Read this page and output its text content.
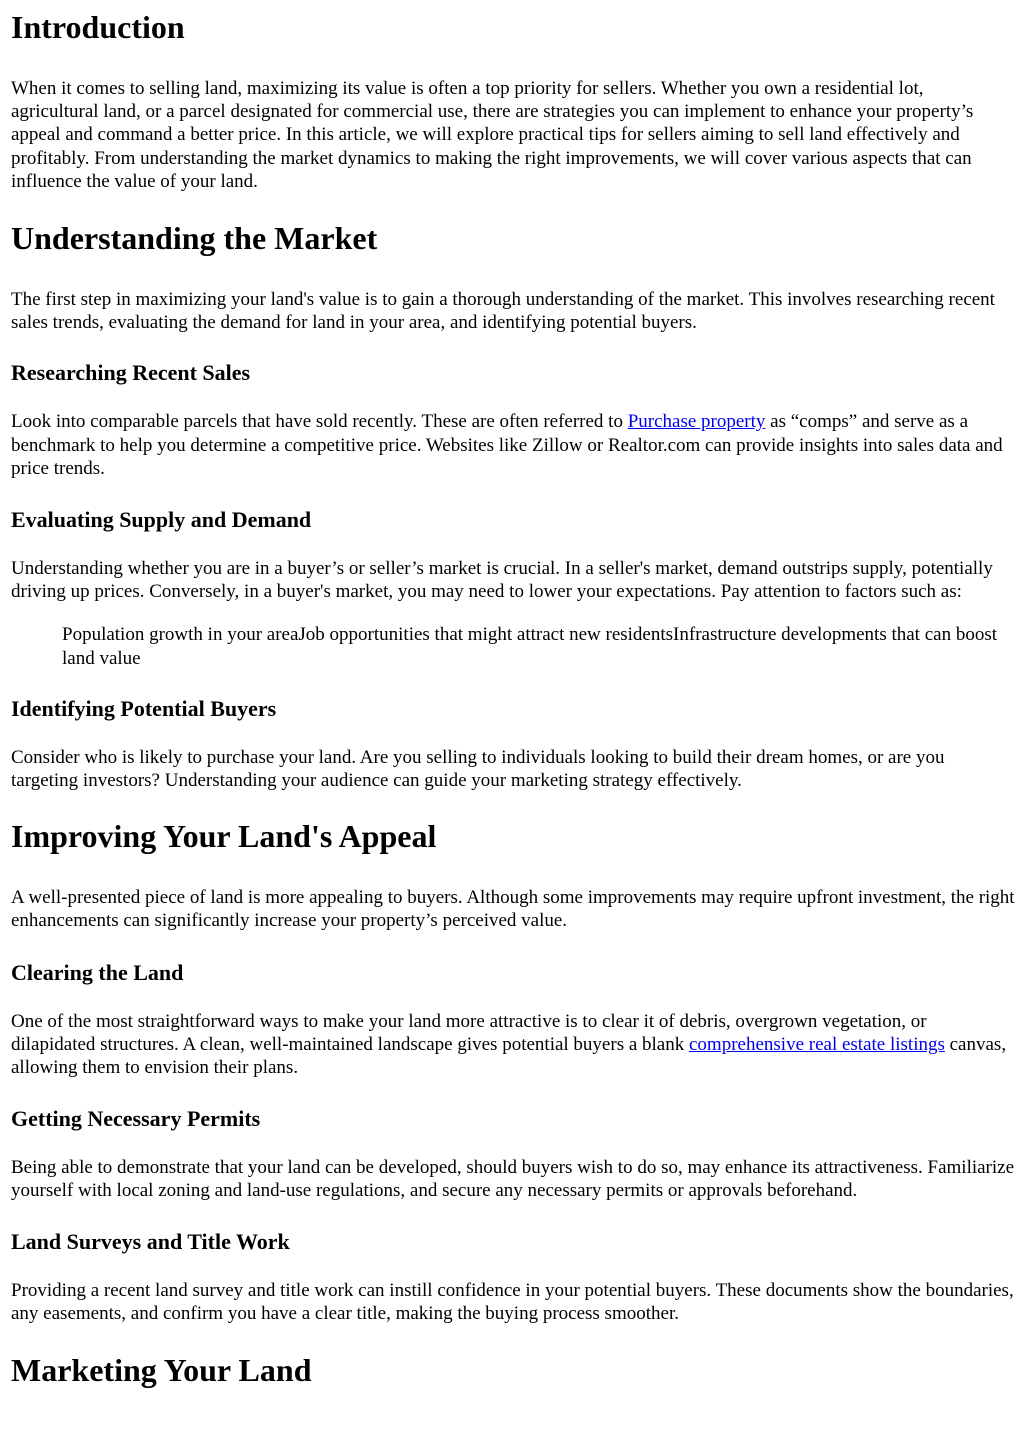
Introduction

When it comes to selling land, maximizing its value is often a top priority for sellers. Whether you own a residential lot, agricultural land, or a parcel designated for commercial use, there are strategies you can implement to enhance your property’s appeal and command a better price. In this article, we will explore practical tips for sellers aiming to sell land effectively and profitably. From understanding the market dynamics to making the right improvements, we will cover various aspects that can influence the value of your land.

Understanding the Market

The first step in maximizing your land's value is to gain a thorough understanding of the market. This involves researching recent sales trends, evaluating the demand for land in your area, and identifying potential buyers.

Researching Recent Sales

Look into comparable parcels that have sold recently. These are often referred to Purchase property as “comps” and serve as a benchmark to help you determine a competitive price. Websites like Zillow or Realtor.com can provide insights into sales data and price trends.

Evaluating Supply and Demand

Understanding whether you are in a buyer’s or seller’s market is crucial. In a seller's market, demand outstrips supply, potentially driving up prices. Conversely, in a buyer's market, you may need to lower your expectations. Pay attention to factors such as:

Population growth in your areaJob opportunities that might attract new residentsInfrastructure developments that can boost land value

Identifying Potential Buyers

Consider who is likely to purchase your land. Are you selling to individuals looking to build their dream homes, or are you targeting investors? Understanding your audience can guide your marketing strategy effectively.

Improving Your Land's Appeal

A well-presented piece of land is more appealing to buyers. Although some improvements may require upfront investment, the right enhancements can significantly increase your property’s perceived value.

Clearing the Land

One of the most straightforward ways to make your land more attractive is to clear it of debris, overgrown vegetation, or dilapidated structures. A clean, well-maintained landscape gives potential buyers a blank comprehensive real estate listings canvas, allowing them to envision their plans.

Getting Necessary Permits

Being able to demonstrate that your land can be developed, should buyers wish to do so, may enhance its attractiveness. Familiarize yourself with local zoning and land-use regulations, and secure any necessary permits or approvals beforehand.

Land Surveys and Title Work

Providing a recent land survey and title work can instill confidence in your potential buyers. These documents show the boundaries, any easements, and confirm you have a clear title, making the buying process smoother.

Marketing Your Land
